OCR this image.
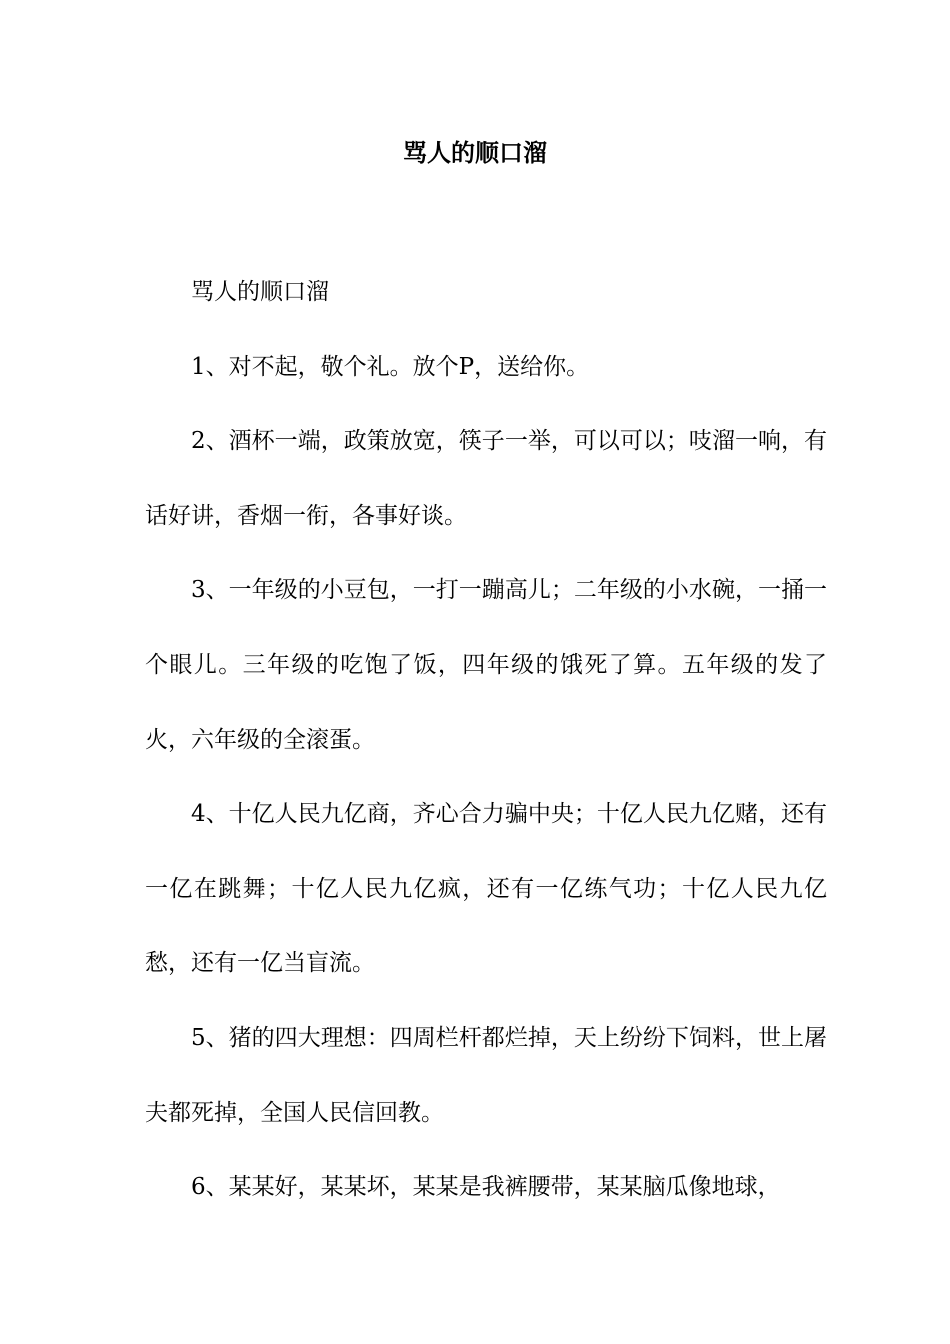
骂人的顺口溜

骂人的顺口溜

1、对不起，敬个礼。放个P，送给你。

2、酒杯一端，政策放宽，筷子一举，可以可以；吱溜一响，有话好讲，香烟一衔，各事好谈。

3、一年级的小豆包，一打一蹦高儿；二年级的小水碗，一捅一个眼儿。三年级的吃饱了饭，四年级的饿死了算。五年级的发了火，六年级的全滚蛋。

4、十亿人民九亿商，齐心合力骗中央；十亿人民九亿赌，还有一亿在跳舞；十亿人民九亿疯，还有一亿练气功；十亿人民九亿愁，还有一亿当盲流。

5、猪的四大理想：四周栏杆都烂掉，天上纷纷下饲料，世上屠夫都死掉，全国人民信回教。

6、某某好，某某坏，某某是我裤腰带，某某脑瓜像地球，
